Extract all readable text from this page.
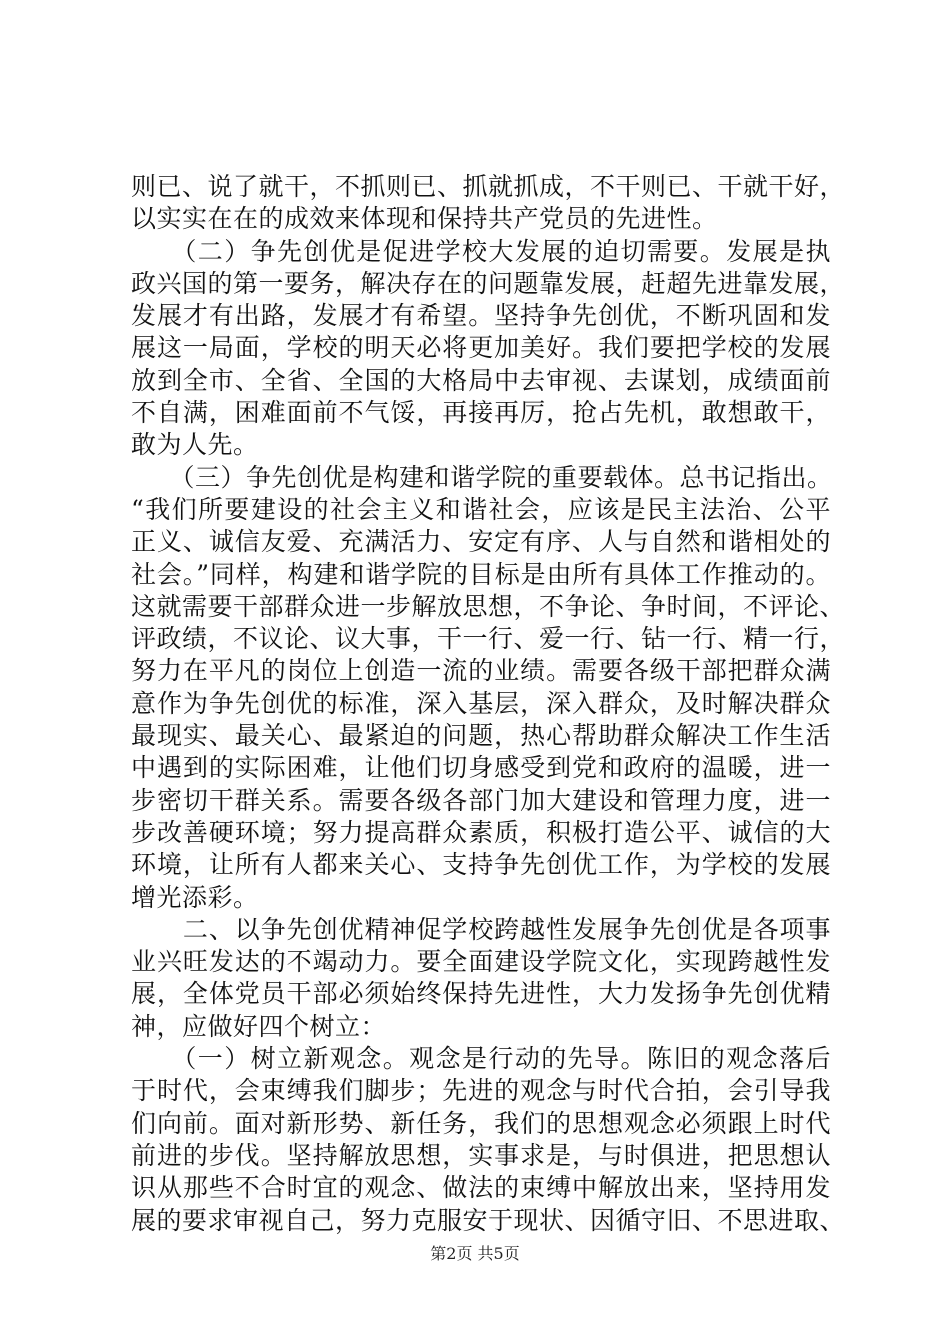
则已、说了就干，不抓则已、抓就抓成，不干则已、干就干好，
以实实在在的成效来体现和保持共产党员的先进性。
　　（二）争先创优是促进学校大发展的迫切需要。发展是执
政兴国的第一要务，解决存在的问题靠发展，赶超先进靠发展，
发展才有出路，发展才有希望。坚持争先创优，不断巩固和发
展这一局面，学校的明天必将更加美好。我们要把学校的发展
放到全市、全省、全国的大格局中去审视、去谋划，成绩面前
不自满，困难面前不气馁，再接再厉，抢占先机，敢想敢干，
敢为人先。
　　（三）争先创优是构建和谐学院的重要载体。总书记指出。
“我们所要建设的社会主义和谐社会，应该是民主法治、公平
正义、诚信友爱、充满活力、安定有序、人与自然和谐相处的
社会。”同样，构建和谐学院的目标是由所有具体工作推动的。
这就需要干部群众进一步解放思想，不争论、争时间，不评论、
评政绩，不议论、议大事，干一行、爱一行、钻一行、精一行，
努力在平凡的岗位上创造一流的业绩。需要各级干部把群众满
意作为争先创优的标准，深入基层，深入群众，及时解决群众
最现实、最关心、最紧迫的问题，热心帮助群众解决工作生活
中遇到的实际困难，让他们切身感受到党和政府的温暖，进一
步密切干群关系。需要各级各部门加大建设和管理力度，进一
步改善硬环境；努力提高群众素质，积极打造公平、诚信的大
环境，让所有人都来关心、支持争先创优工作，为学校的发展
增光添彩。
　　二、以争先创优精神促学校跨越性发展争先创优是各项事
业兴旺发达的不竭动力。要全面建设学院文化，实现跨越性发
展，全体党员干部必须始终保持先进性，大力发扬争先创优精
神，应做好四个树立：
　　（一）树立新观念。观念是行动的先导。陈旧的观念落后
于时代，会束缚我们脚步；先进的观念与时代合拍，会引导我
们向前。面对新形势、新任务，我们的思想观念必须跟上时代
前进的步伐。坚持解放思想，实事求是，与时俱进，把思想认
识从那些不合时宜的观念、做法的束缚中解放出来，坚持用发
展的要求审视自己，努力克服安于现状、因循守旧、不思进取、
第2页 共5页
